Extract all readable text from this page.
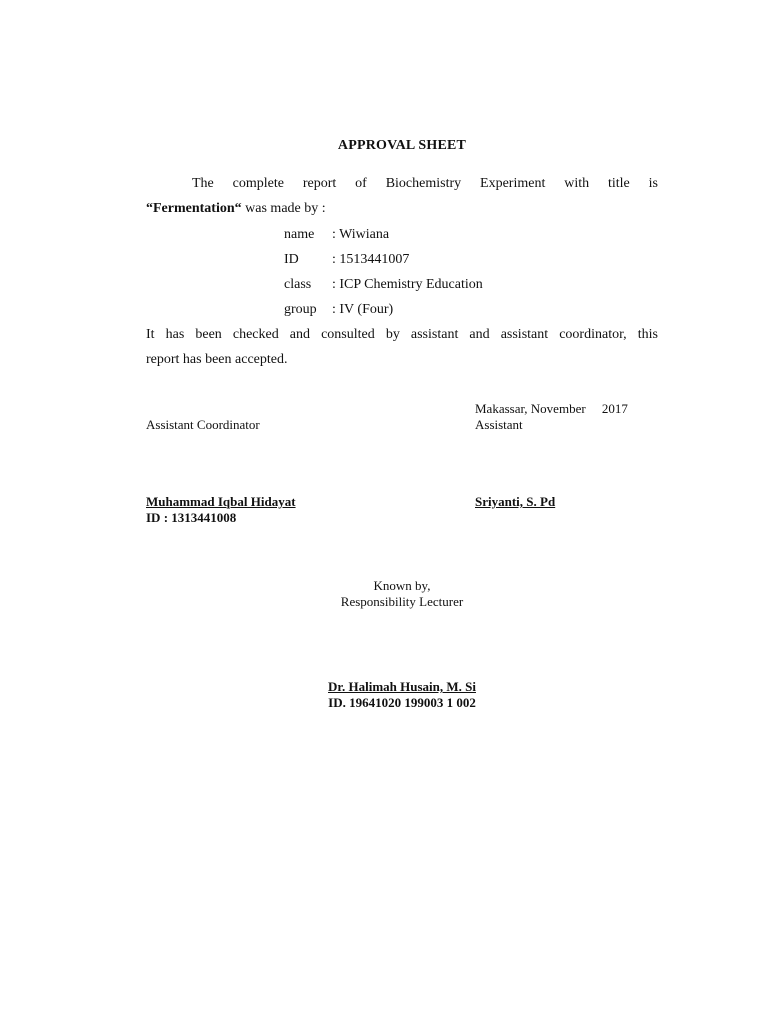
APPROVAL SHEET
The complete report of Biochemistry Experiment with title is
“Fermentation“ was made by :
name : Wiwiana
ID : 1513441007
class : ICP Chemistry Education
group : IV (Four)
It has been checked and consulted by assistant and assistant coordinator, this
report has been accepted.
Makassar, November     2017
Assistant Coordinator	Assistant
Muhammad Iqbal Hidayat
ID : 1313441008
Sriyanti, S. Pd
Known by,
Responsibility Lecturer
Dr. Halimah Husain, M. Si
ID. 19641020 199003 1 002
